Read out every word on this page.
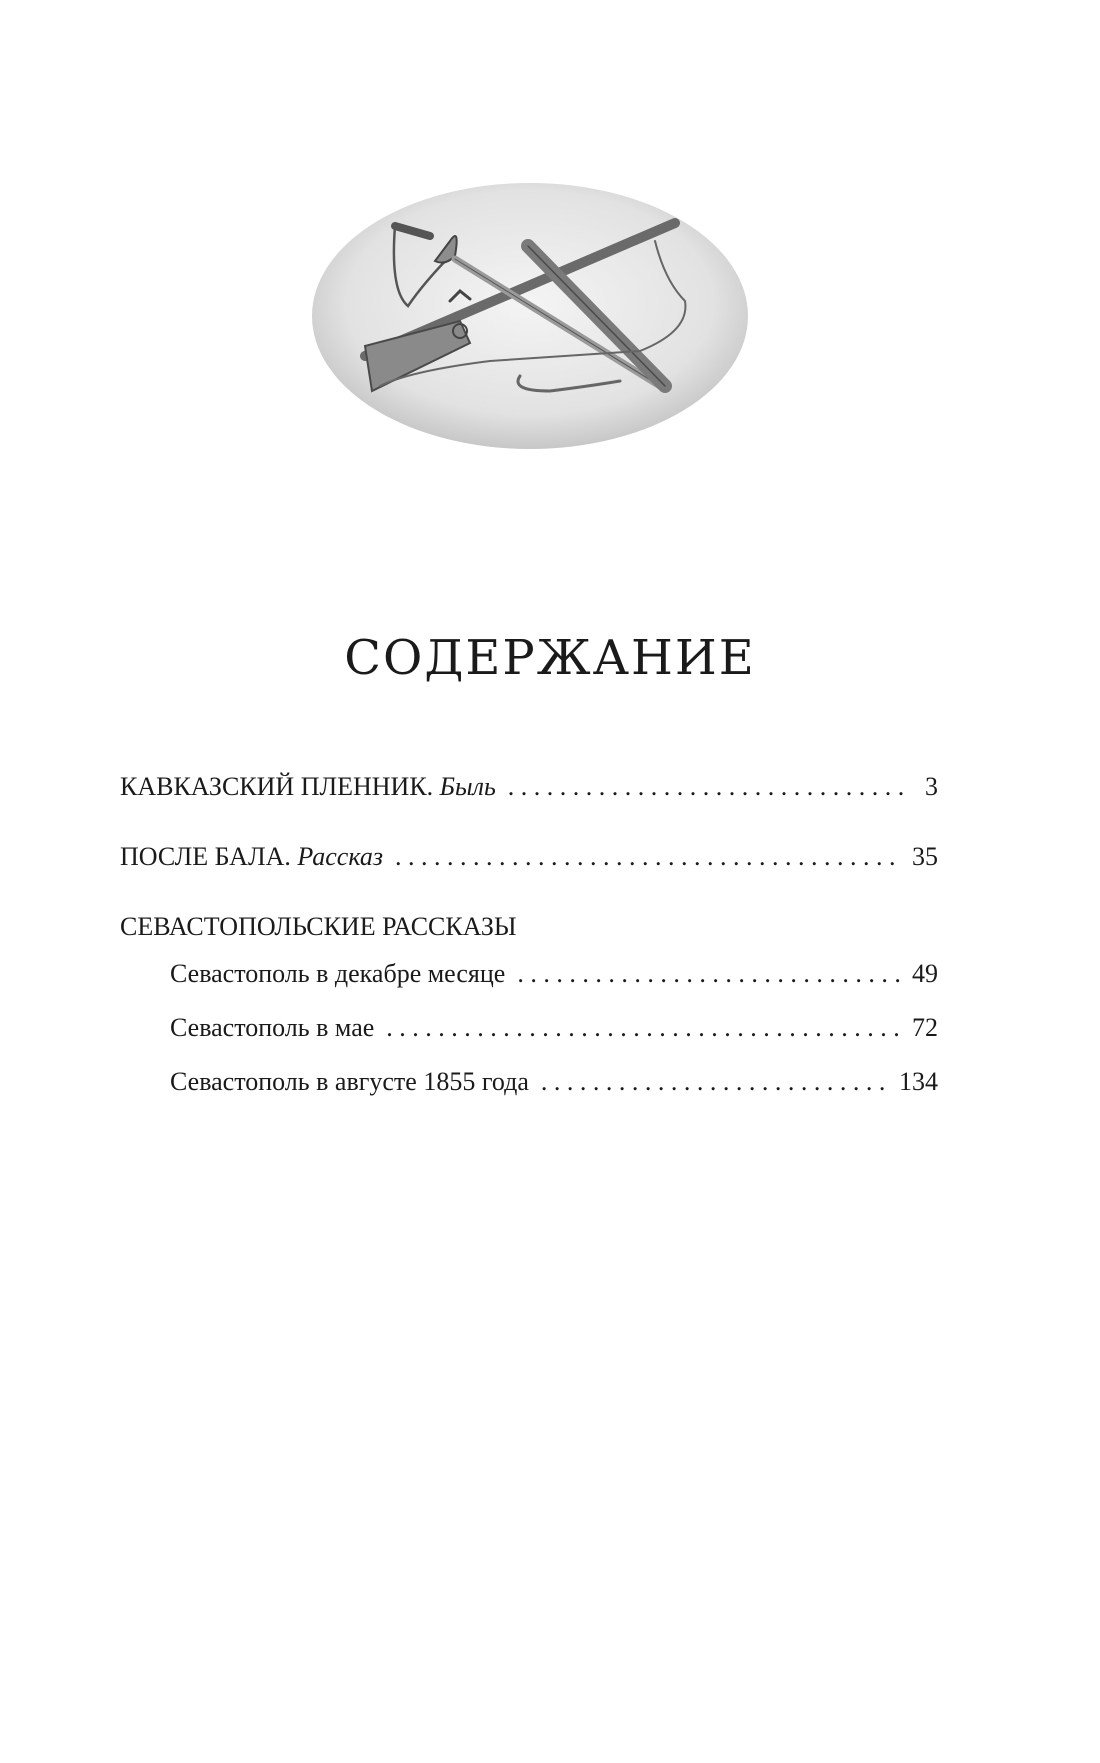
СОДЕРЖАНИЕ
КАВКАЗСКИЙ ПЛЕННИК. Быль . . .	3
ПОСЛЕ БАЛА. Рассказ . . .	35
СЕВАСТОПОЛЬСКИЕ РАССКАЗЫ
Севастополь в декабре месяце . . .	49
Севастополь в мае . . .	72
Севастополь в августе 1855 года . . .	134
